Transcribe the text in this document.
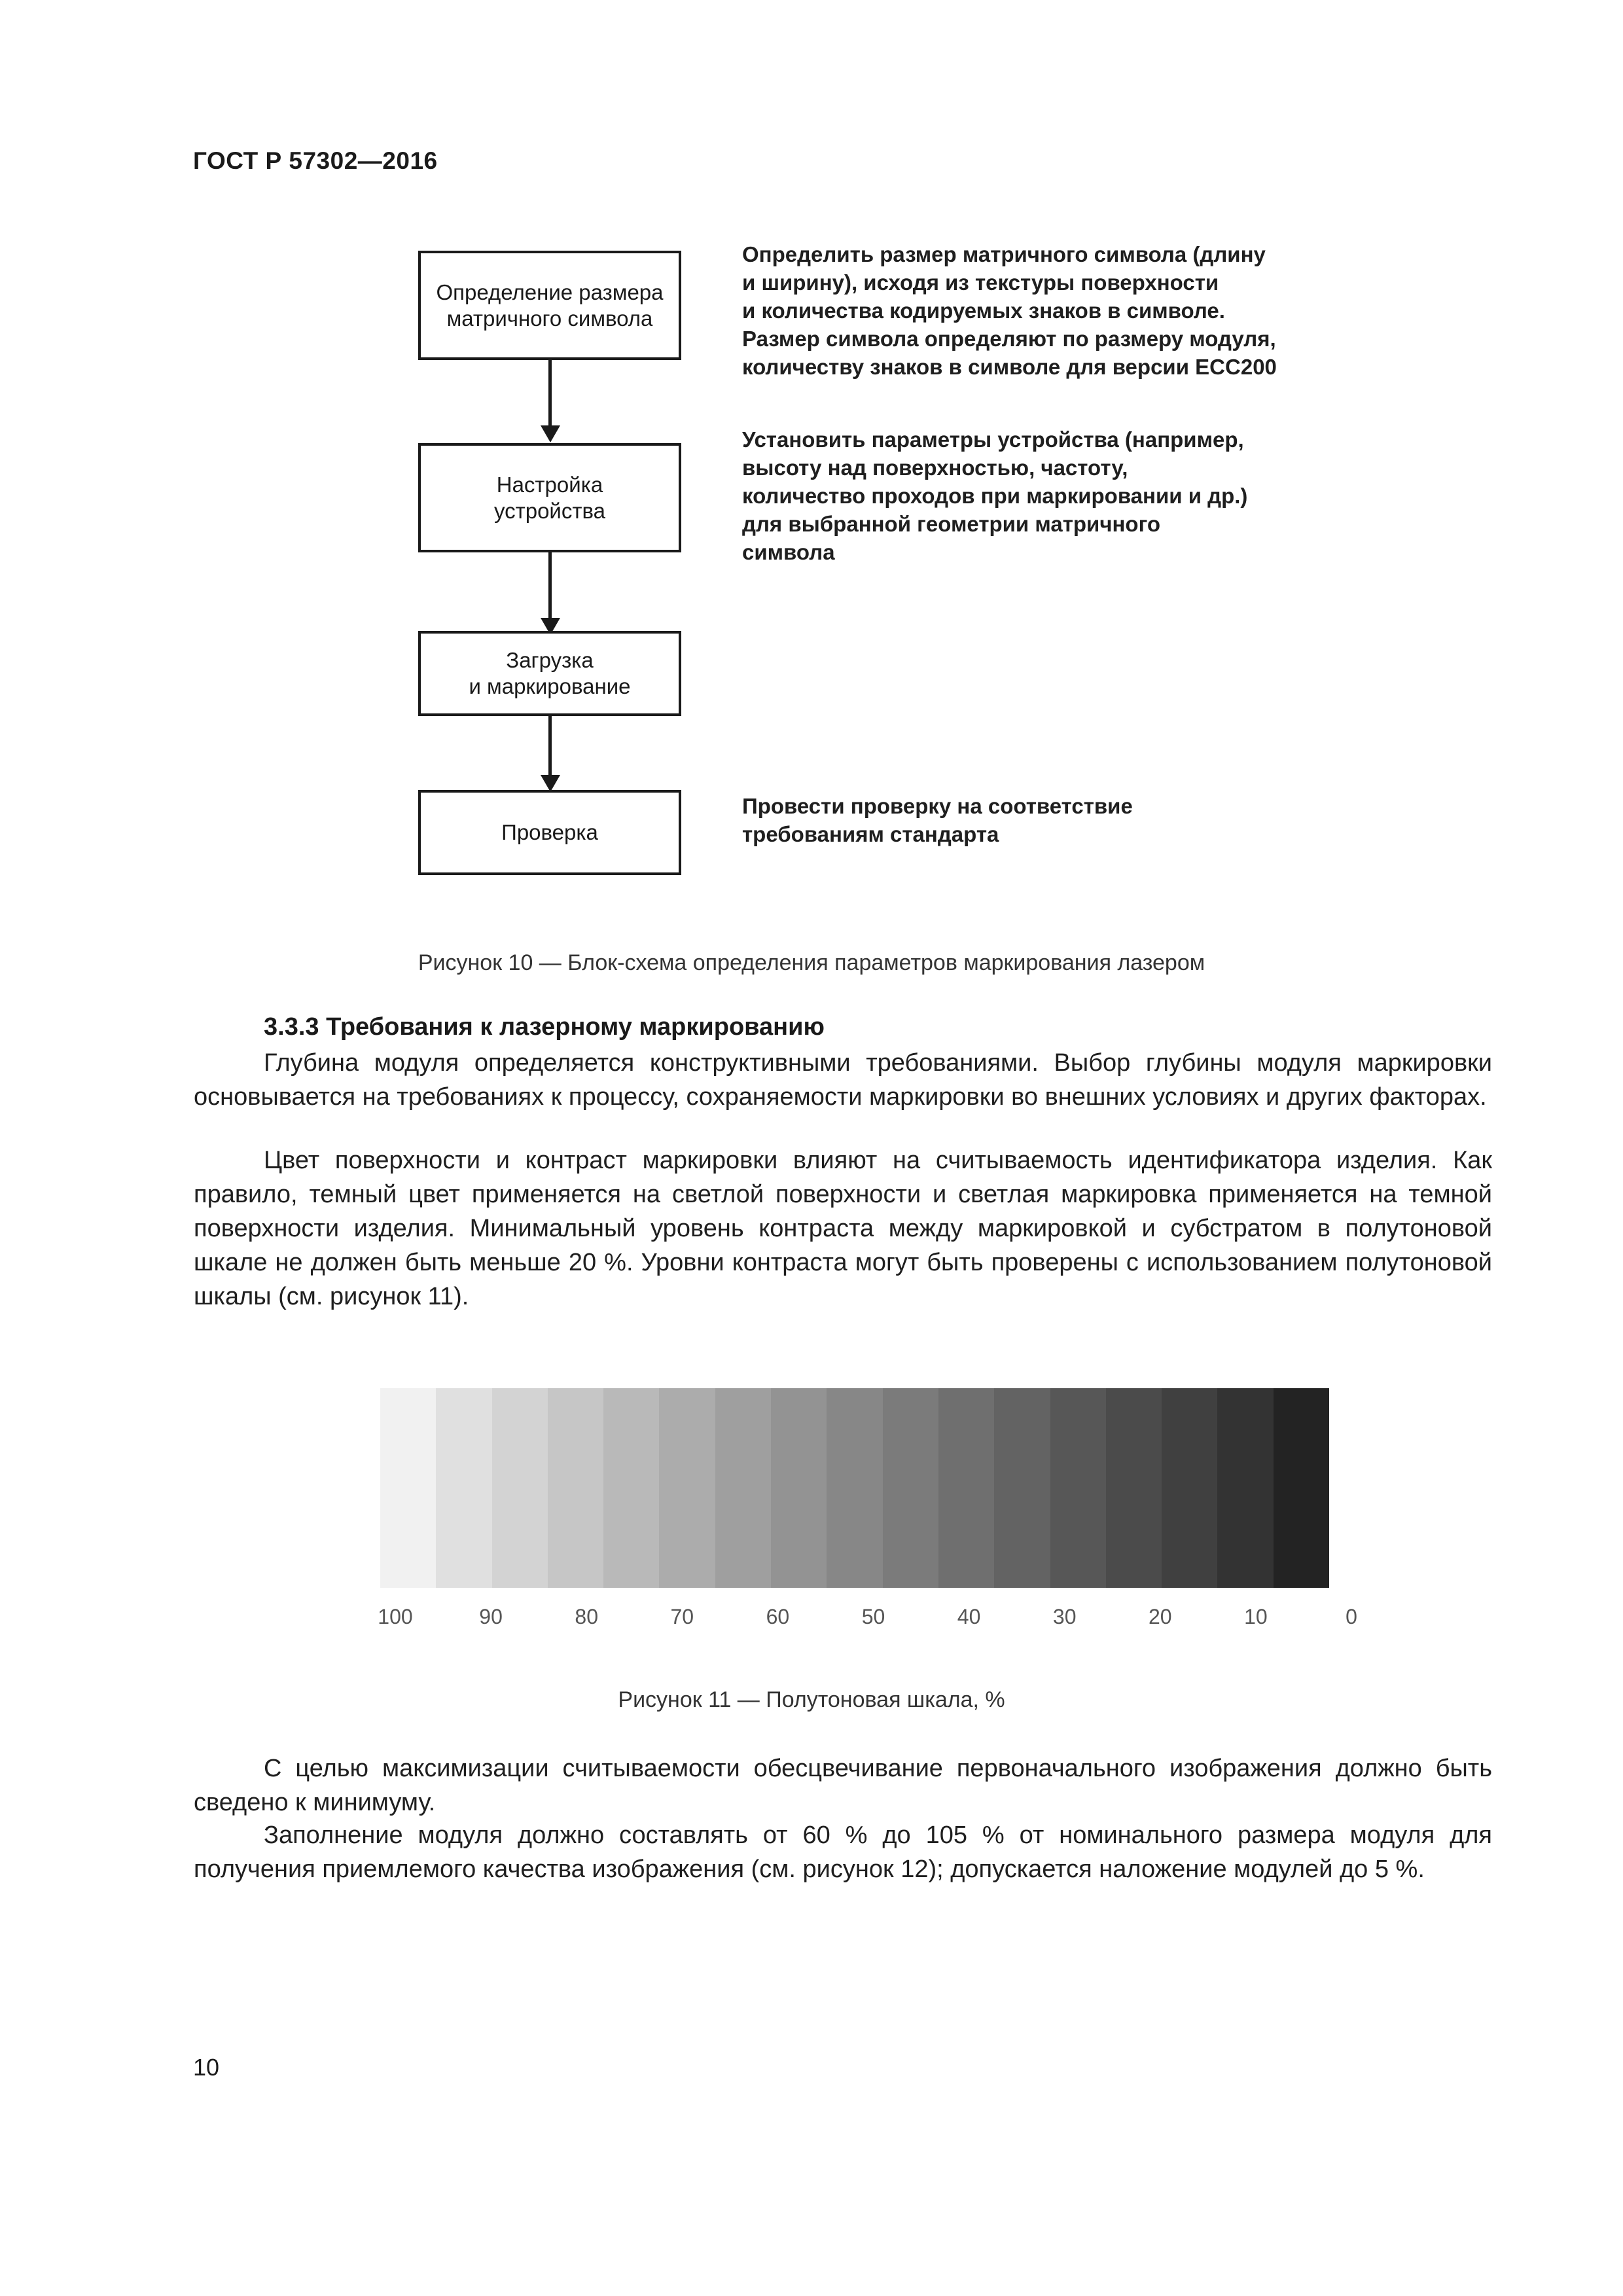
ГОСТ Р 57302—2016
Определение размера
матричного символа
Настройка
устройства
Загрузка
и маркирование
Проверка
Определить размер матричного символа (длину
и ширину), исходя из текстуры поверхности
и количества кодируемых знаков в символе.
Размер символа определяют по размеру модуля,
количеству знаков в символе для версии ЕСС200
Установить параметры устройства (например,
высоту над поверхностью, частоту,
количество проходов при маркировании и др.)
для выбранной геометрии матричного
символа
Провести проверку на соответствие
требованиям стандарта
Рисунок 10 — Блок-схема определения параметров маркирования лазером
3.3.3 Требования к лазерному маркированию
Глубина модуля определяется конструктивными требованиями. Выбор глубины модуля маркировки основывается на требованиях к процессу, сохраняемости маркировки во внешних условиях и других факторах.
Цвет поверхности и контраст маркировки влияют на считываемость идентификатора изделия. Как правило, темный цвет применяется на светлой поверхности и светлая маркировка применяется на темной поверхности изделия. Минимальный уровень контраста между маркировкой и субстратом в полутоновой шкале не должен быть меньше 20 %. Уровни контраста могут быть проверены с использованием полутоновой шкалы (см. рисунок 11).
100	90	80	70	60	50	40	30	20	10	0
Рисунок 11 — Полутоновая шкала, %
С целью максимизации считываемости обесцвечивание первоначального изображения должно быть сведено к минимуму.
Заполнение модуля должно составлять от 60 % до 105 % от номинального размера модуля для получения приемлемого качества изображения (см. рисунок 12); допускается наложение модулей до 5 %.
10
